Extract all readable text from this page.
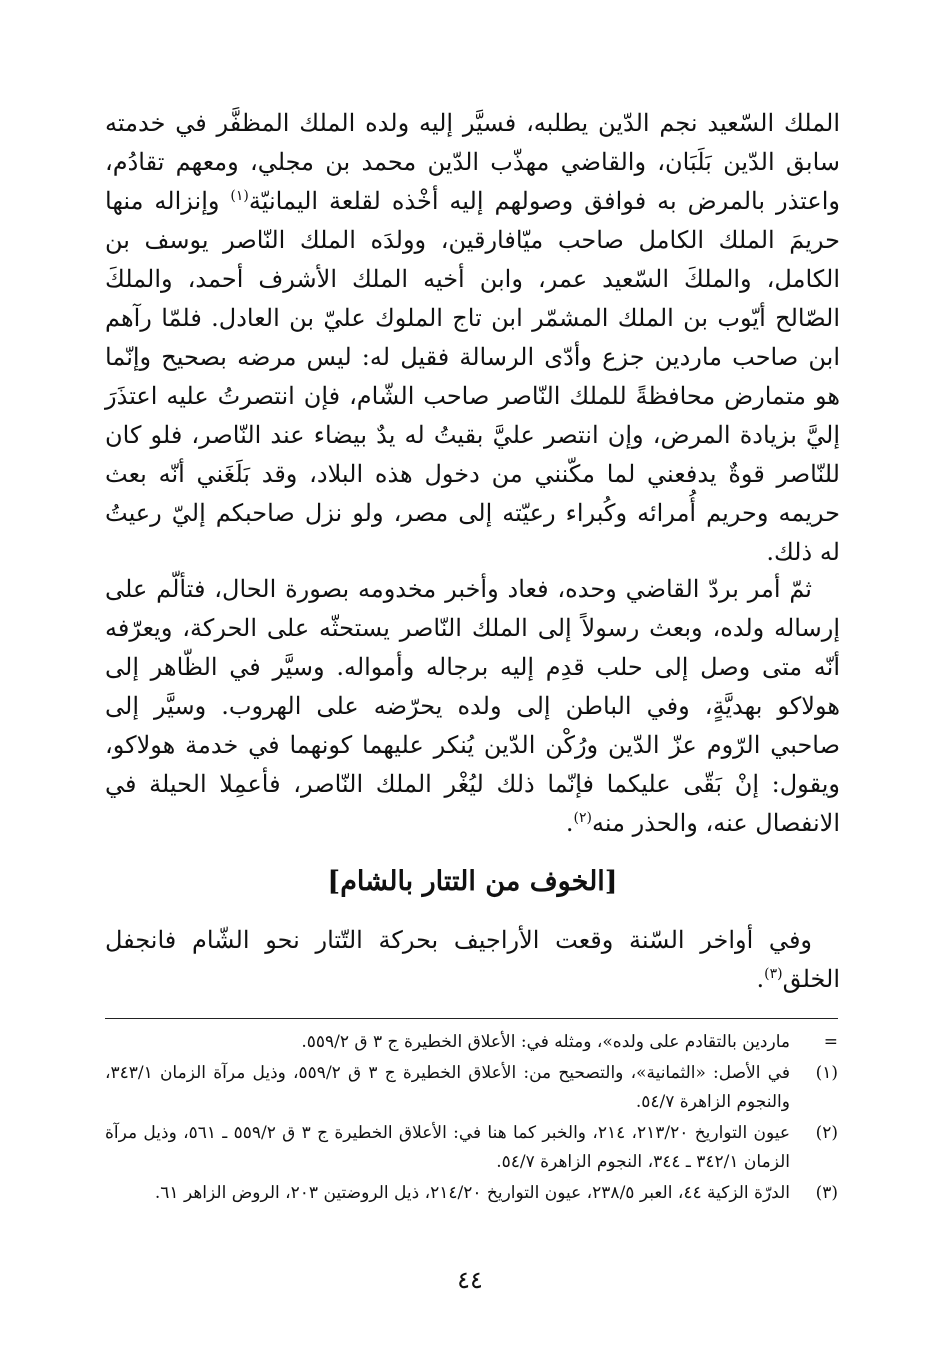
الملك السّعيد نجم الدّين يطلبه، فسيَّر إليه ولده الملك المظفَّر في خدمته سابق الدّين بَلَبَان، والقاضي مهذّب الدّين محمد بن مجلي، ومعهم تقادُم، واعتذر بالمرض به فوافق وصولهم إليه أخْذه لقلعة اليمانيّة$^{(١)}$ وإنزاله منها حريمَ الملك الكامل صاحب ميّافارقين، وولدَه الملك النّاصر يوسف بن الكامل، والملكَ السّعيد عمر، وابن أخيه الملك الأشرف أحمد، والملكَ الصّالح أيّوب بن الملك المشمّر ابن تاج الملوك عليّ بن العادل. فلمّا رآهم ابن صاحب ماردين جزع وأدّى الرسالة فقيل له: ليس مرضه بصحيح وإنّما هو متمارض محافظةً للملك النّاصر صاحب الشّام، فإن انتصرتُ عليه اعتذَرَ إليَّ بزيادة المرض، وإن انتصر عليَّ بقيتُ له يدٌ بيضاء عند النّاصر، فلو كان للنّاصر قوةٌ يدفعني لما مكّنني من دخول هذه البلاد، وقد بَلَغَني أنّه بعث حريمه وحريم أُمرائه وكُبراء رعيّته إلى مصر، ولو نزل صاحبكم إليّ رعيتُ له ذلك.

ثمّ أمر بردّ القاضي وحده، فعاد وأخبر مخدومه بصورة الحال، فتألّم على إرساله ولده، وبعث رسولاً إلى الملك النّاصر يستحثّه على الحركة، ويعرّفه أنّه متى وصل إلى حلب قدِم إليه برجاله وأمواله. وسيَّر في الظّاهر إلى هولاكو بهديَّةٍ، وفي الباطن إلى ولده يحرّضه على الهروب. وسيَّر إلى صاحبي الرّوم عزّ الدّين ورُكْن الدّين يُنكر عليهما كونهما في خدمة هولاكو، ويقول: إنْ بَقّى عليكما فإنّما ذلك ليُغْر الملك النّاصر، فأعمِلا الحيلة في الانفصال عنه، والحذر منه$^{(٢)}$.

[الخوف من التتار بالشام]

وفي أواخر السّنة وقعت الأراجيف بحركة التّتار نحو الشّام فانجفل الخلق$^{(٣)}$.

=
ماردين بالتقادم على ولده»، ومثله في: الأعلاق الخطيرة ج ٣ ق ٥٥٩/٢.
(١)
في الأصل: «الثمانية»، والتصحيح من: الأعلاق الخطيرة ج ٣ ق ٥٥٩/٢، وذيل مرآة الزمان ٣٤٣/١، والنجوم الزاهرة ٥٤/٧.
(٢)
عيون التواريخ ٢١٣/٢٠، ٢١٤، والخبر كما هنا في: الأعلاق الخطيرة ج ٣ ق ٥٥٩/٢ ـ ٥٦١، وذيل مرآة الزمان ٣٤٢/١ ـ ٣٤٤، النجوم الزاهرة ٥٤/٧.
(٣)
الدرّة الزكية ٤٤، العبر ٢٣٨/٥، عيون التواريخ ٢١٤/٢٠، ذيل الروضتين ٢٠٣، الروض الزاهر ٦١.
٤٤
